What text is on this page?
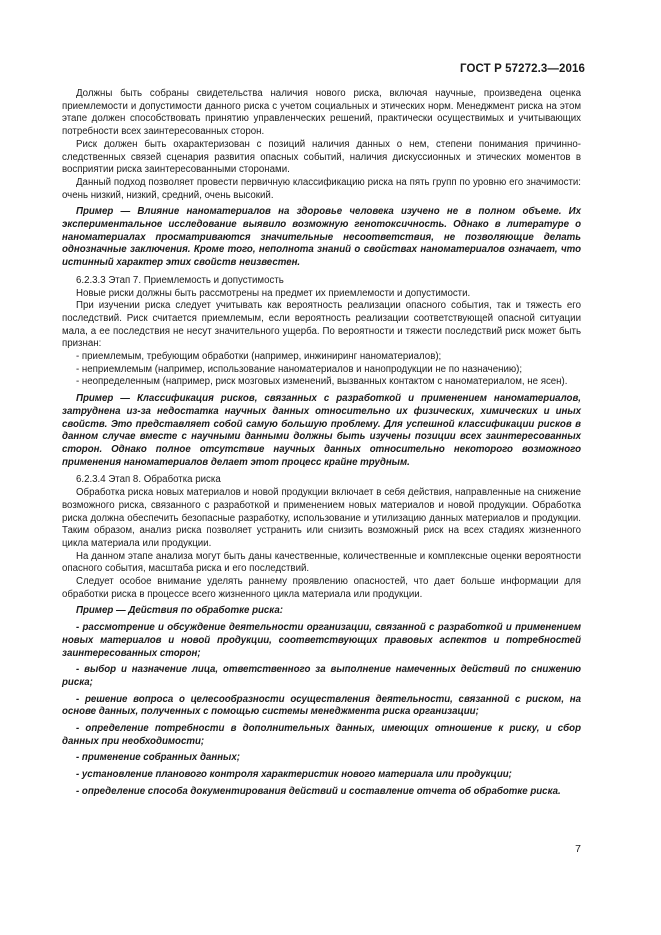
ГОСТ Р 57272.3—2016

Должны быть собраны свидетельства наличия нового риска, включая научные, произведена оценка приемлемости и допустимости данного риска с учетом социальных и этических норм. Менеджмент риска на этом этапе должен способствовать принятию управленческих решений, практически осуществимых и учитывающих потребности всех заинтересованных сторон.

Риск должен быть охарактеризован с позиций наличия данных о нем, степени понимания причинно-следственных связей сценария развития опасных событий, наличия дискуссионных и этических моментов в восприятии риска заинтересованными сторонами.

Данный подход позволяет провести первичную классификацию риска на пять групп по уровню его значимости: очень низкий, низкий, средний, очень высокий.

Пример — Влияние наноматериалов на здоровье человека изучено не в полном объеме. Их экспериментальное исследование выявило возможную генотоксичность. Однако в литературе о наноматериалах просматриваются значительные несоответствия, не позволяющие делать однозначные заключения. Кроме того, неполнота знаний о свойствах наноматериалов означает, что истинный характер этих свойств неизвестен.

6.2.3.3 Этап 7. Приемлемость и допустимость

Новые риски должны быть рассмотрены на предмет их приемлемости и допустимости.

При изучении риска следует учитывать как вероятность реализации опасного события, так и тяжесть его последствий. Риск считается приемлемым, если вероятность реализации соответствующей опасной ситуации мала, а ее последствия не несут значительного ущерба. По вероятности и тяжести последствий риск может быть признан:

- приемлемым, требующим обработки (например, инжиниринг наноматериалов);

- неприемлемым (например, использование наноматериалов и нанопродукции не по назначению);

- неопределенным (например, риск мозговых изменений, вызванных контактом с наноматериалом, не ясен).

Пример — Классификация рисков, связанных с разработкой и применением наноматериалов, затруднена из-за недостатка научных данных относительно их физических, химических и иных свойств. Это представляет собой самую большую проблему. Для успешной классификации рисков в данном случае вместе с научными данными должны быть изучены позиции всех заинтересованных сторон. Однако полное отсутствие научных данных относительно некоторого возможного применения наноматериалов делает этот процесс крайне трудным.

6.2.3.4 Этап 8. Обработка риска

Обработка риска новых материалов и новой продукции включает в себя действия, направленные на снижение возможного риска, связанного с разработкой и применением новых материалов и новой продукции. Обработка риска должна обеспечить безопасные разработку, использование и утилизацию данных материалов и продукции. Таким образом, анализ риска позволяет устранить или снизить возможный риск на всех стадиях жизненного цикла материала или продукции.

На данном этапе анализа могут быть даны качественные, количественные и комплексные оценки вероятности опасного события, масштаба риска и его последствий.

Следует особое внимание уделять раннему проявлению опасностей, что дает больше информации для обработки риска в процессе всего жизненного цикла материала или продукции.

Пример — Действия по обработке риска:

- рассмотрение и обсуждение деятельности организации, связанной с разработкой и применением новых материалов и новой продукции, соответствующих правовых аспектов и потребностей заинтересованных сторон;

- выбор и назначение лица, ответственного за выполнение намеченных действий по снижению риска;

- решение вопроса о целесообразности осуществления деятельности, связанной с риском, на основе данных, полученных с помощью системы менеджмента риска организации;

- определение потребности в дополнительных данных, имеющих отношение к риску, и сбор данных при необходимости;

- применение собранных данных;

- установление планового контроля характеристик нового материала или продукции;

- определение способа документирования действий и составление отчета об обработке риска.

7
